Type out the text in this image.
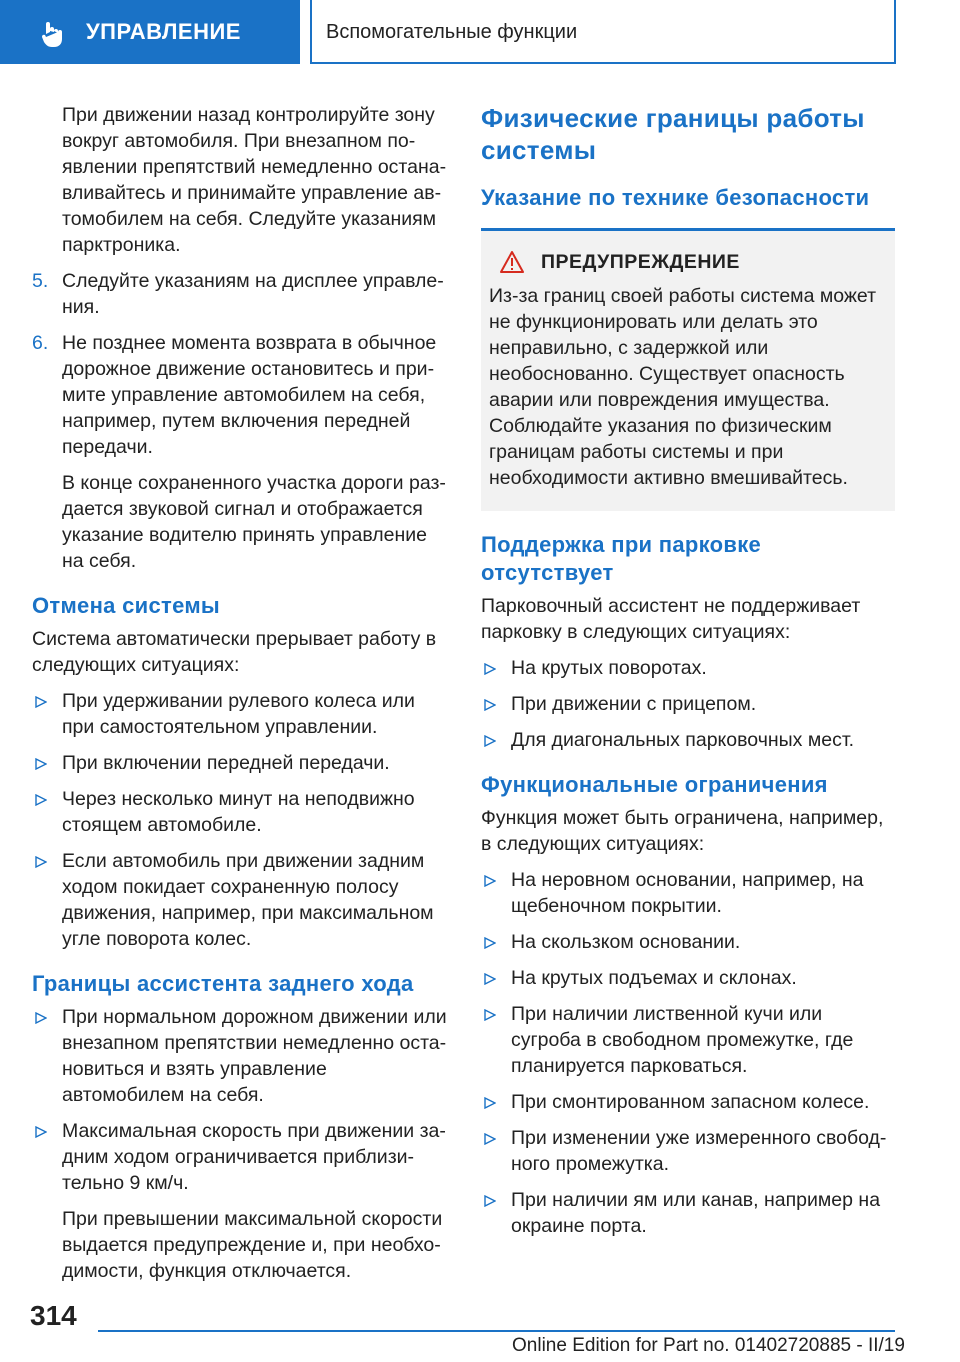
УПРАВЛЕНИЕ	Вспомогательные функции

При движении назад контролируйте зону вокруг автомобиля. При внезапном появлении препятствий немедленно останавливайтесь и принимайте управление автомобилем на себя. Следуйте указаниям парктроника.

5. Следуйте указаниям на дисплее управления.
6. Не позднее момента возврата в обычное дорожное движение остановитесь и примите управление автомобилем на себя, например, путем включения передней передачи.

В конце сохраненного участка дороги раздается звуковой сигнал и отображается указание водителю принять управление на себя.

Отмена системы

Система автоматически прерывает работу в следующих ситуациях:

При удерживании рулевого колеса или при самостоятельном управлении.
При включении передней передачи.
Через несколько минут на неподвижно стоящем автомобиле.
Если автомобиль при движении задним ходом покидает сохраненную полосу движения, например, при максимальном угле поворота колес.
Границы ассистента заднего хода
При нормальном дорожном движении или внезапном препятствии немедленно остановиться и взять управление автомобилем на себя.
Максимальная скорость при движении задним ходом ограничивается приблизительно 9 км/ч.

При превышении максимальной скорости выдается предупреждение и, при необходимости, функция отключается.

Физические границы работы системы
Указание по технике безопасности
ПРЕДУПРЕЖДЕНИЕ

Из-за границ своей работы система может не функционировать или делать это неправильно, с задержкой или необоснованно. Существует опасность аварии или повреждения имущества. Соблюдайте указания по физическим границам работы системы и при необходимости активно вмешивайтесь.

Поддержка при парковке отсутствует

Парковочный ассистент не поддерживает парковку в следующих ситуациях:

На крутых поворотах.
При движении с прицепом.
Для диагональных парковочных мест.
Функциональные ограничения

Функция может быть ограничена, например, в следующих ситуациях:

На неровном основании, например, на щебеночном покрытии.
На скользком основании.
На крутых подъемах и склонах.
При наличии лиственной кучи или сугроба в свободном промежутке, где планируется парковаться.
При смонтированном запасном колесе.
При изменении уже измеренного свободного промежутка.
При наличии ям или канав, например на окраине порта.
314
Online Edition for Part no. 01402720885 - II/19
